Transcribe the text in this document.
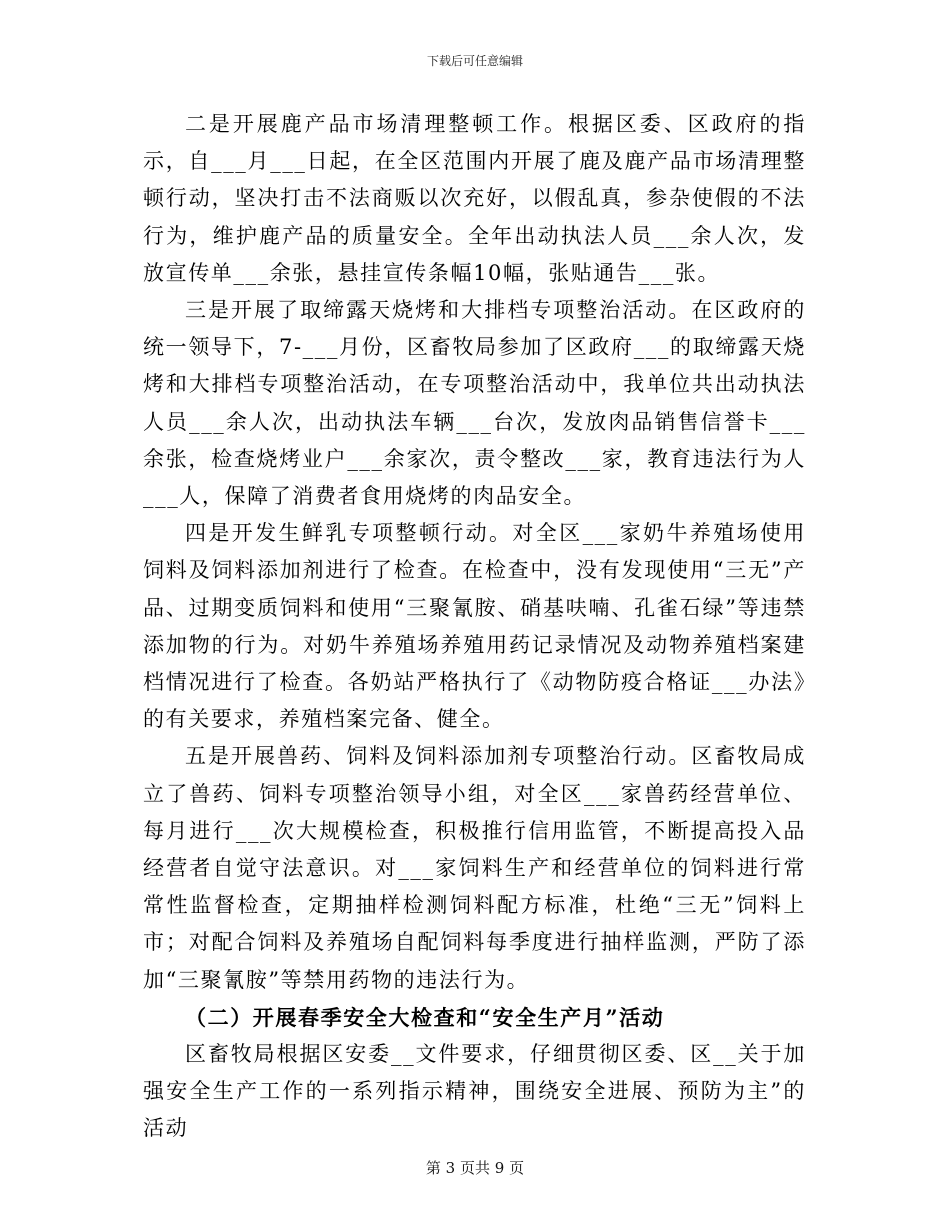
下载后可任意编辑

二是开展鹿产品市场清理整顿工作。根据区委、区政府的指示，自___月___日起，在全区范围内开展了鹿及鹿产品市场清理整顿行动，坚决打击不法商贩以次充好，以假乱真，参杂使假的不法行为，维护鹿产品的质量安全。全年出动执法人员___余人次，发放宣传单___余张，悬挂宣传条幅10幅，张贴通告___张。

三是开展了取缔露天烧烤和大排档专项整治活动。在区政府的统一领导下，7-___月份，区畜牧局参加了区政府___的取缔露天烧烤和大排档专项整治活动，在专项整治活动中，我单位共出动执法人员___余人次，出动执法车辆___台次，发放肉品销售信誉卡___余张，检查烧烤业户___余家次，责令整改___家，教育违法行为人___人，保障了消费者食用烧烤的肉品安全。

四是开发生鲜乳专项整顿行动。对全区___家奶牛养殖场使用饲料及饲料添加剂进行了检查。在检查中，没有发现使用“三无”产品、过期变质饲料和使用“三聚氰胺、硝基呋喃、孔雀石绿”等违禁添加物的行为。对奶牛养殖场养殖用药记录情况及动物养殖档案建档情况进行了检查。各奶站严格执行了《动物防疫合格证___办法》的有关要求，养殖档案完备、健全。

五是开展兽药、饲料及饲料添加剂专项整治行动。区畜牧局成立了兽药、饲料专项整治领导小组，对全区___家兽药经营单位、每月进行___次大规模检查，积极推行信用监管，不断提高投入品经营者自觉守法意识。对___家饲料生产和经营单位的饲料进行常常性监督检查，定期抽样检测饲料配方标准，杜绝“三无”饲料上市；对配合饲料及养殖场自配饲料每季度进行抽样监测，严防了添加“三聚氰胺”等禁用药物的违法行为。

（二）开展春季安全大检查和“安全生产月”活动

区畜牧局根据区安委__文件要求，仔细贯彻区委、区__关于加强安全生产工作的一系列指示精神，围绕安全进展、预防为主”的活动

第 3 页共 9 页
